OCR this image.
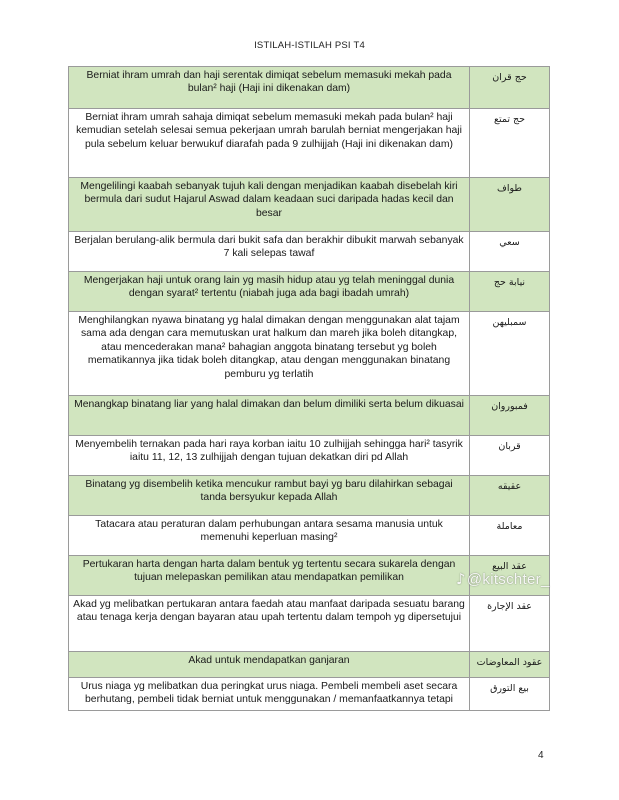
ISTILAH-ISTILAH PSI T4
Berniat ihram umrah dan haji serentak dimiqat sebelum memasuki mekah pada bulan² haji (Haji ini dikenakan dam)	حج قران
Berniat ihram umrah sahaja dimiqat sebelum memasuki mekah pada bulan² haji kemudian setelah selesai semua pekerjaan umrah barulah berniat mengerjakan haji pula sebelum keluar berwukuf diarafah pada 9 zulhijjah (Haji ini dikenakan dam)	حج تمتع
Mengelilingi kaabah sebanyak tujuh kali dengan menjadikan kaabah disebelah kiri bermula dari sudut Hajarul Aswad dalam keadaan suci daripada hadas kecil dan besar	طواف
Berjalan berulang-alik bermula dari bukit safa dan berakhir dibukit marwah sebanyak 7 kali selepas tawaf	سعي
Mengerjakan haji untuk orang lain yg masih hidup atau yg telah meninggal dunia dengan syarat² tertentu (niabah juga ada bagi ibadah umrah)	نيابة حج
Menghilangkan nyawa binatang yg halal dimakan dengan menggunakan alat tajam sama ada dengan cara memutuskan urat halkum dan mareh jika boleh ditangkap, atau mencederakan mana² bahagian anggota binatang tersebut yg boleh mematikannya jika tidak boleh ditangkap, atau dengan menggunakan binatang pemburu yg terlatih	سمبليهن
Menangkap binatang liar yang halal dimakan dan belum dimiliki serta belum dikuasai	فمبوروان
Menyembelih ternakan pada hari raya korban iaitu 10 zulhijjah sehingga hari² tasyrik iaitu 11, 12, 13 zulhijjah dengan tujuan dekatkan diri pd Allah	قربان
Binatang yg disembelih ketika mencukur rambut bayi yg baru dilahirkan sebagai tanda bersyukur kepada Allah	عقيقه
Tatacara atau peraturan dalam perhubungan antara sesama manusia untuk memenuhi keperluan masing²	معاملة
Pertukaran harta dengan harta dalam bentuk yg tertentu secara sukarela dengan tujuan melepaskan pemilikan atau mendapatkan pemilikan	عقد البيع
Akad yg melibatkan pertukaran antara faedah atau manfaat daripada sesuatu barang atau tenaga kerja dengan bayaran atau upah tertentu dalam tempoh yg dipersetujui	عقد الإجارة
Akad untuk mendapatkan ganjaran	عقود المعاوضات
Urus niaga yg melibatkan dua peringkat urus niaga. Pembeli membeli aset secara berhutang, pembeli tidak berniat untuk menggunakan / memanfaatkannya tetapi	بيع التورق
♪@kitschter_
4
